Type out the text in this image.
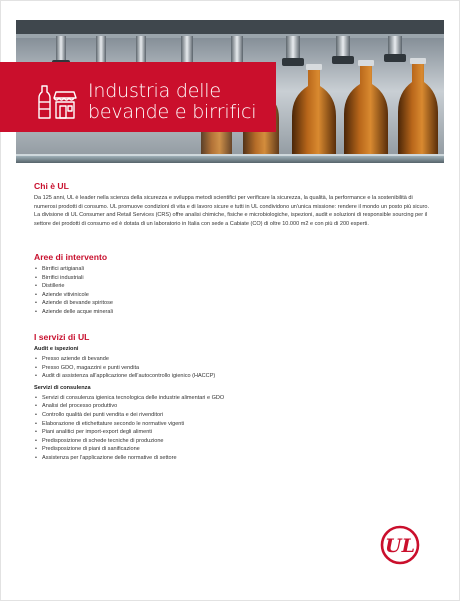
Industria delle
bevande e birrifici
Chi è UL

Da 125 anni, UL è leader nella scienza della sicurezza e sviluppa metodi scientifici per verificare la sicurezza, la qualità, la performance e la sostenibilità di numerosi prodotti di consumo. UL promuove condizioni di vita e di lavoro sicure e tutti in UL condividono un'unica missione: rendere il mondo un posto più sicuro. La divisione di UL Consumer and Retail Services (CRS) offre analisi chimiche, fisiche e microbiologiche, ispezioni, audit e soluzioni di responsible sourcing per il settore dei prodotti di consumo ed è dotata di un laboratorio in Italia con sede a Cabiate (CO) di oltre 10.000 m2 e con più di 200 esperti.

Aree di intervento
• Birrifici artigianali
• Birrifici industriali
• Distillerie
• Aziende vitivinicole
• Aziende di bevande spiritose
• Aziende delle acque minerali
I servizi di UL
Audit e ispezioni
• Presso aziende di bevande
• Presso GDO, magazzini e punti vendita
• Audit di assistenza all'applicazione dell'autocontrollo igienico (HACCP)
Servizi di consulenza
• Servizi di consulenza igienica tecnologica delle industrie alimentari e GDO
• Analisi del processo produttivo
• Controllo qualità dei punti vendita e dei rivenditori
• Elaborazione di etichettature secondo le normative vigenti
• Piani analitici per import-export degli alimenti
• Predisposizione di schede tecniche di produzione
• Predisposizione di piani di sanificazione
• Assistenza per l'applicazione delle normative di settore
UL
